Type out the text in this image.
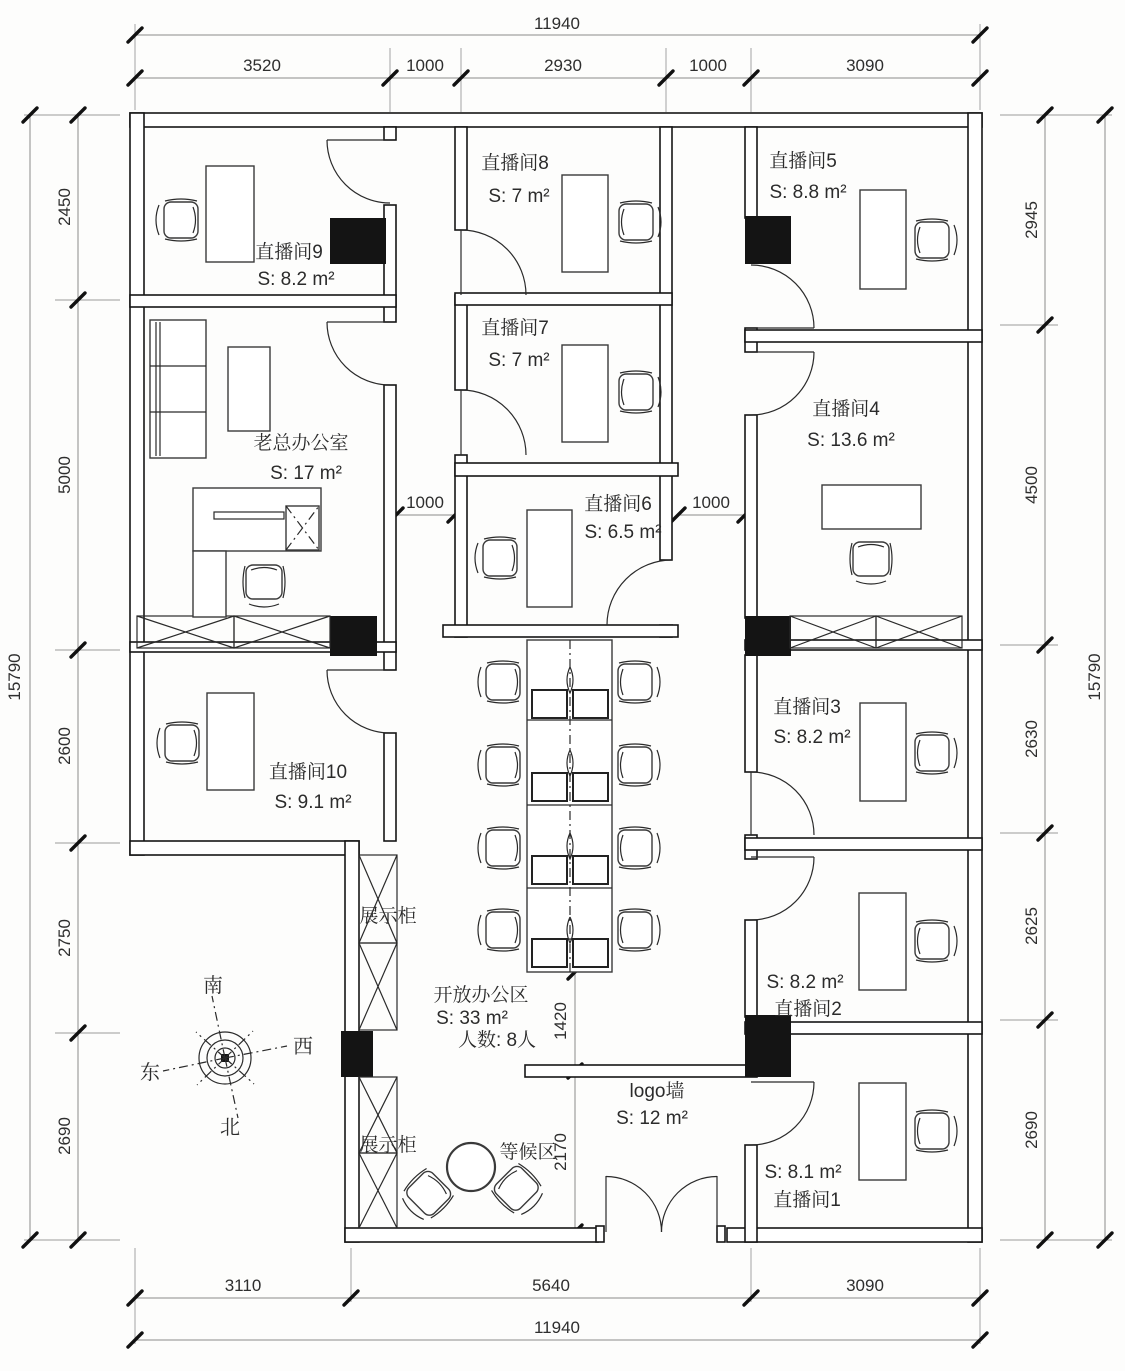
11940
3520	1000	2930	1000	3090
3110	5640	3090
11940
15790
2450
5000
2600
2750
2690
2945
4500
2630
2625
2690
15790
1000	1000
1420
2170
南
西
东
北
直播间9
S: 8.2 m²
直播间8
S: 7 m²
直播间5
S: 8.8 m²
直播间7
S: 7 m²
老总办公室
S: 17 m²
直播间6
S: 6.5 m²
直播间4
S: 13.6 m²
直播间3
S: 8.2 m²
直播间10
S: 9.1 m²
S: 8.2 m²
直播间2
S: 8.1 m²
直播间1
开放办公区
S: 33 m²
人数: 8人
logo墙
S: 12 m²
等候区
展示柜
展示柜
